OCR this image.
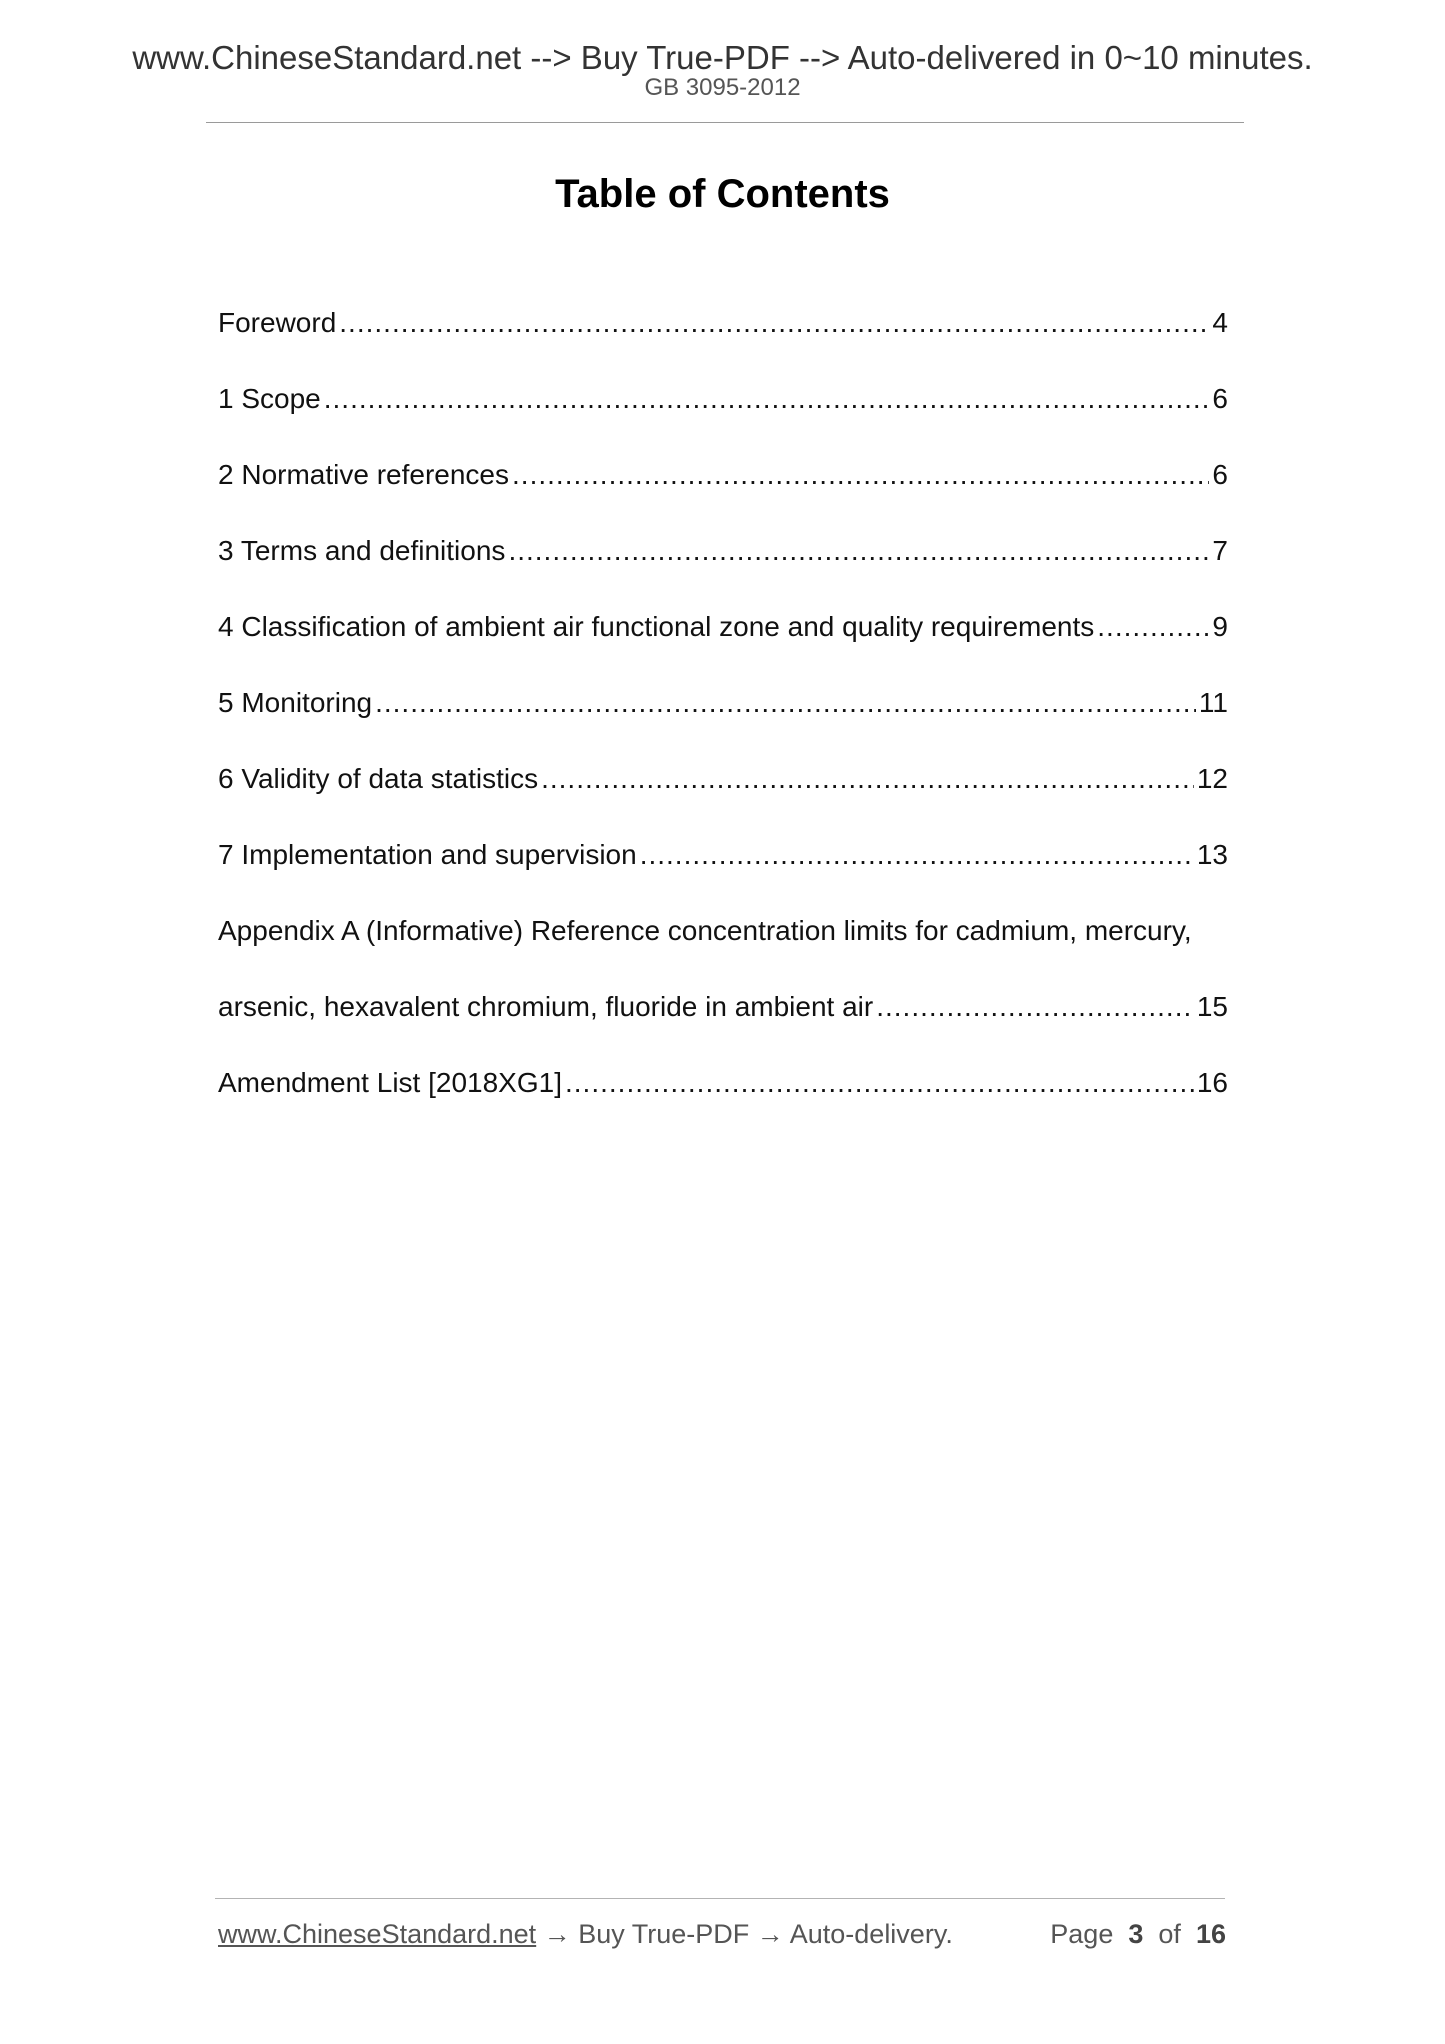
www.ChineseStandard.net --> Buy True-PDF --> Auto-delivered in 0~10 minutes.
GB 3095-2012
Table of Contents
Foreword .....	4
1 Scope .....	6
2 Normative references .....	6
3 Terms and definitions .....	7
4 Classification of ambient air functional zone and quality requirements .....	9
5 Monitoring .....	11
6 Validity of data statistics .....	12
7 Implementation and supervision .....	13
Appendix A (Informative) Reference concentration limits for cadmium, mercury,
arsenic, hexavalent chromium, fluoride in ambient air .....	15
Amendment List [2018XG1] .....	16
www.ChineseStandard.net → Buy True-PDF → Auto-delivery.	Page 3 of 16
